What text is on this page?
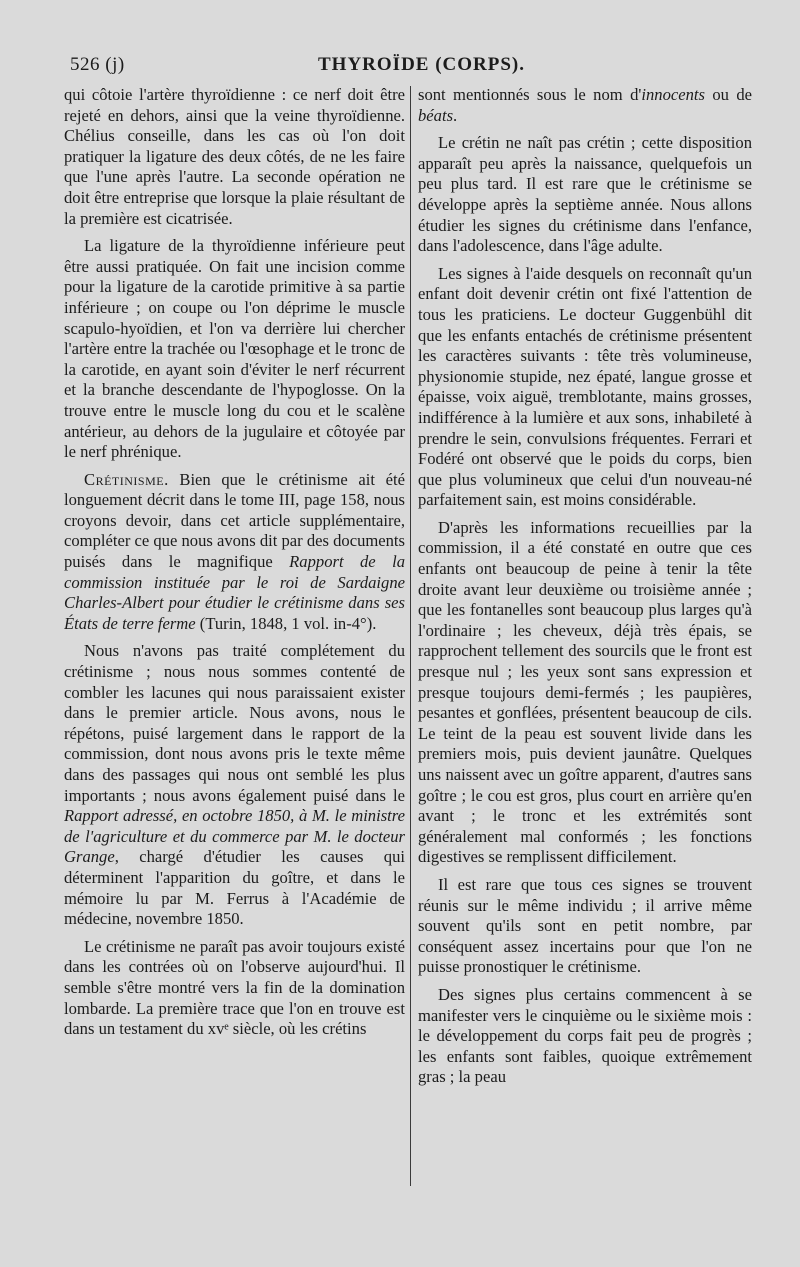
526 (j)	THYROÏDE (CORPS).

qui côtoie l'artère thyroïdienne : ce nerf doit être rejeté en dehors, ainsi que la veine thyroïdienne. Chélius conseille, dans les cas où l'on doit pratiquer la ligature des deux côtés, de ne les faire que l'une après l'autre. La seconde opération ne doit être entreprise que lorsque la plaie résultant de la première est cicatrisée.

La ligature de la thyroïdienne inférieure peut être aussi pratiquée. On fait une incision comme pour la ligature de la carotide primitive à sa partie inférieure ; on coupe ou l'on déprime le muscle scapulo-hyoïdien, et l'on va derrière lui chercher l'artère entre la trachée ou l'œsophage et le tronc de la carotide, en ayant soin d'éviter le nerf récurrent et la branche descendante de l'hypoglosse. On la trouve entre le muscle long du cou et le scalène antérieur, au dehors de la jugulaire et côtoyée par le nerf phrénique.

Crétinisme. Bien que le crétinisme ait été longuement décrit dans le tome III, page 158, nous croyons devoir, dans cet article supplémentaire, compléter ce que nous avons dit par des documents puisés dans le magnifique Rapport de la commission instituée par le roi de Sardaigne Charles-Albert pour étudier le crétinisme dans ses États de terre ferme (Turin, 1848, 1 vol. in-4°).

Nous n'avons pas traité complétement du crétinisme ; nous nous sommes contenté de combler les lacunes qui nous paraissaient exister dans le premier article. Nous avons, nous le répétons, puisé largement dans le rapport de la commission, dont nous avons pris le texte même dans des passages qui nous ont semblé les plus importants ; nous avons également puisé dans le Rapport adressé, en octobre 1850, à M. le ministre de l'agriculture et du commerce par M. le docteur Grange, chargé d'étudier les causes qui déterminent l'apparition du goître, et dans le mémoire lu par M. Ferrus à l'Académie de médecine, novembre 1850.

Le crétinisme ne paraît pas avoir toujours existé dans les contrées où on l'observe aujourd'hui. Il semble s'être montré vers la fin de la domination lombarde. La première trace que l'on en trouve est dans un testament du xvᵉ siècle, où les crétins

sont mentionnés sous le nom d'innocents ou de béats.

Le crétin ne naît pas crétin ; cette disposition apparaît peu après la naissance, quelquefois un peu plus tard. Il est rare que le crétinisme se développe après la septième année. Nous allons étudier les signes du crétinisme dans l'enfance, dans l'adolescence, dans l'âge adulte.

Les signes à l'aide desquels on reconnaît qu'un enfant doit devenir crétin ont fixé l'attention de tous les praticiens. Le docteur Guggenbühl dit que les enfants entachés de crétinisme présentent les caractères suivants : tête très volumineuse, physionomie stupide, nez épaté, langue grosse et épaisse, voix aiguë, tremblotante, mains grosses, indifférence à la lumière et aux sons, inhabileté à prendre le sein, convulsions fréquentes. Ferrari et Fodéré ont observé que le poids du corps, bien que plus volumineux que celui d'un nouveau-né parfaitement sain, est moins considérable.

D'après les informations recueillies par la commission, il a été constaté en outre que ces enfants ont beaucoup de peine à tenir la tête droite avant leur deuxième ou troisième année ; que les fontanelles sont beaucoup plus larges qu'à l'ordinaire ; les cheveux, déjà très épais, se rapprochent tellement des sourcils que le front est presque nul ; les yeux sont sans expression et presque toujours demi-fermés ; les paupières, pesantes et gonflées, présentent beaucoup de cils. Le teint de la peau est souvent livide dans les premiers mois, puis devient jaunâtre. Quelques uns naissent avec un goître apparent, d'autres sans goître ; le cou est gros, plus court en arrière qu'en avant ; le tronc et les extrémités sont généralement mal conformés ; les fonctions digestives se remplissent difficilement.

Il est rare que tous ces signes se trouvent réunis sur le même individu ; il arrive même souvent qu'ils sont en petit nombre, par conséquent assez incertains pour que l'on ne puisse pronostiquer le crétinisme.

Des signes plus certains commencent à se manifester vers le cinquième ou le sixième mois : le développement du corps fait peu de progrès ; les enfants sont faibles, quoique extrêmement gras ; la peau
